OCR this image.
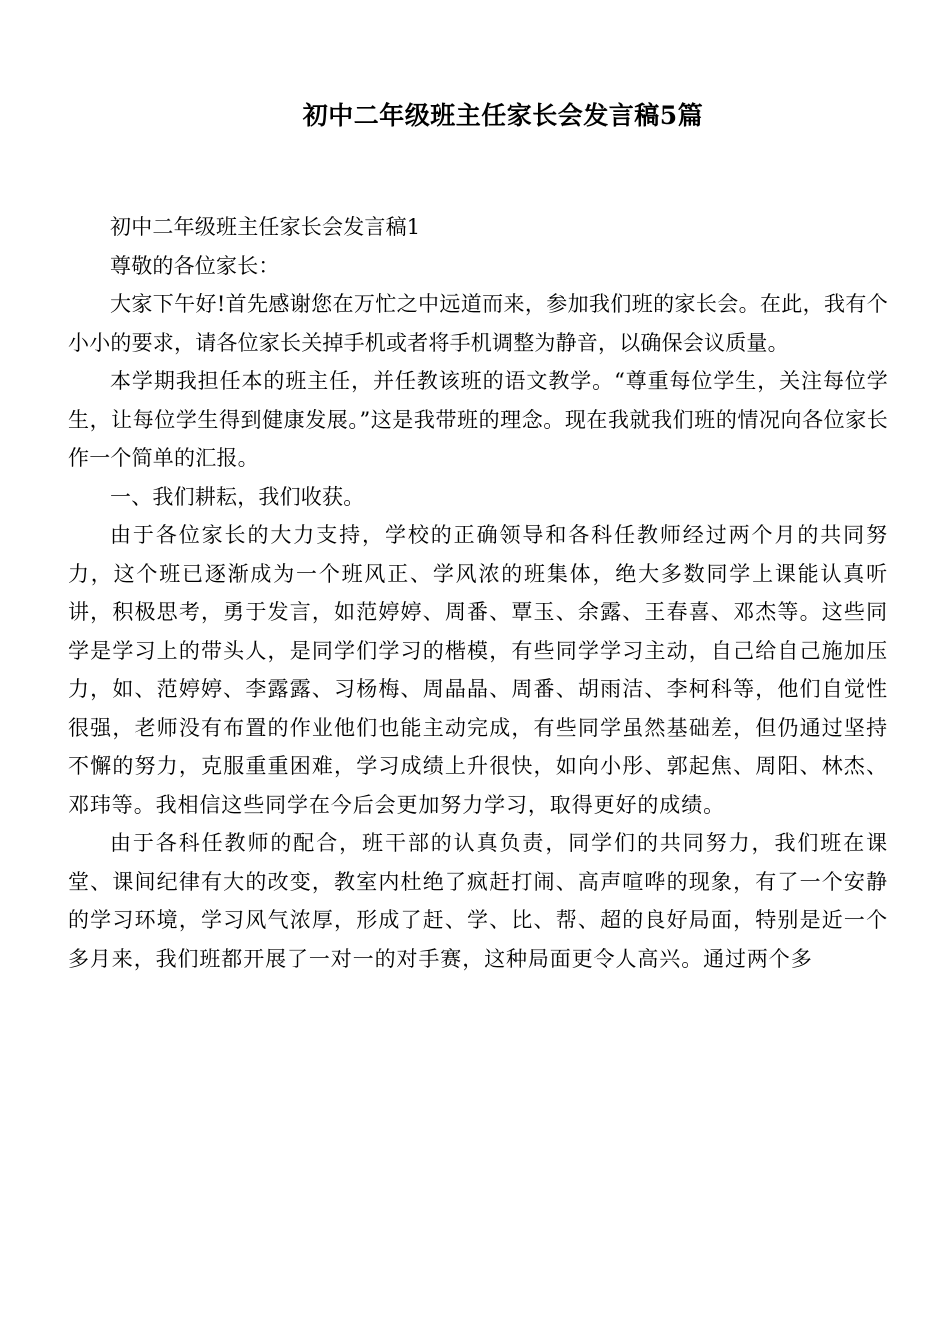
初中二年级班主任家长会发言稿5篇

初中二年级班主任家长会发言稿1

尊敬的各位家长：

大家下午好!首先感谢您在万忙之中远道而来，参加我们班的家长会。在此，我有个小小的要求，请各位家长关掉手机或者将手机调整为静音，以确保会议质量。

本学期我担任本的班主任，并任教该班的语文教学。“尊重每位学生，关注每位学生，让每位学生得到健康发展。”这是我带班的理念。现在我就我们班的情况向各位家长作一个简单的汇报。

一、我们耕耘，我们收获。

由于各位家长的大力支持，学校的正确领导和各科任教师经过两个月的共同努力，这个班已逐渐成为一个班风正、学风浓的班集体，绝大多数同学上课能认真听讲，积极思考，勇于发言，如范婷婷、周番、覃玉、余露、王春喜、邓杰等。这些同学是学习上的带头人，是同学们学习的楷模，有些同学学习主动，自己给自己施加压力，如、范婷婷、李露露、习杨梅、周晶晶、周番、胡雨洁、李柯科等，他们自觉性很强，老师没有布置的作业他们也能主动完成，有些同学虽然基础差，但仍通过坚持不懈的努力，克服重重困难，学习成绩上升很快，如向小彤、郭起焦、周阳、林杰、邓玮等。我相信这些同学在今后会更加努力学习，取得更好的成绩。

由于各科任教师的配合，班干部的认真负责，同学们的共同努力，我们班在课堂、课间纪律有大的改变，教室内杜绝了疯赶打闹、高声喧哗的现象，有了一个安静的学习环境，学习风气浓厚，形成了赶、学、比、帮、超的良好局面，特别是近一个多月来，我们班都开展了一对一的对手赛，这种局面更令人高兴。通过两个多
